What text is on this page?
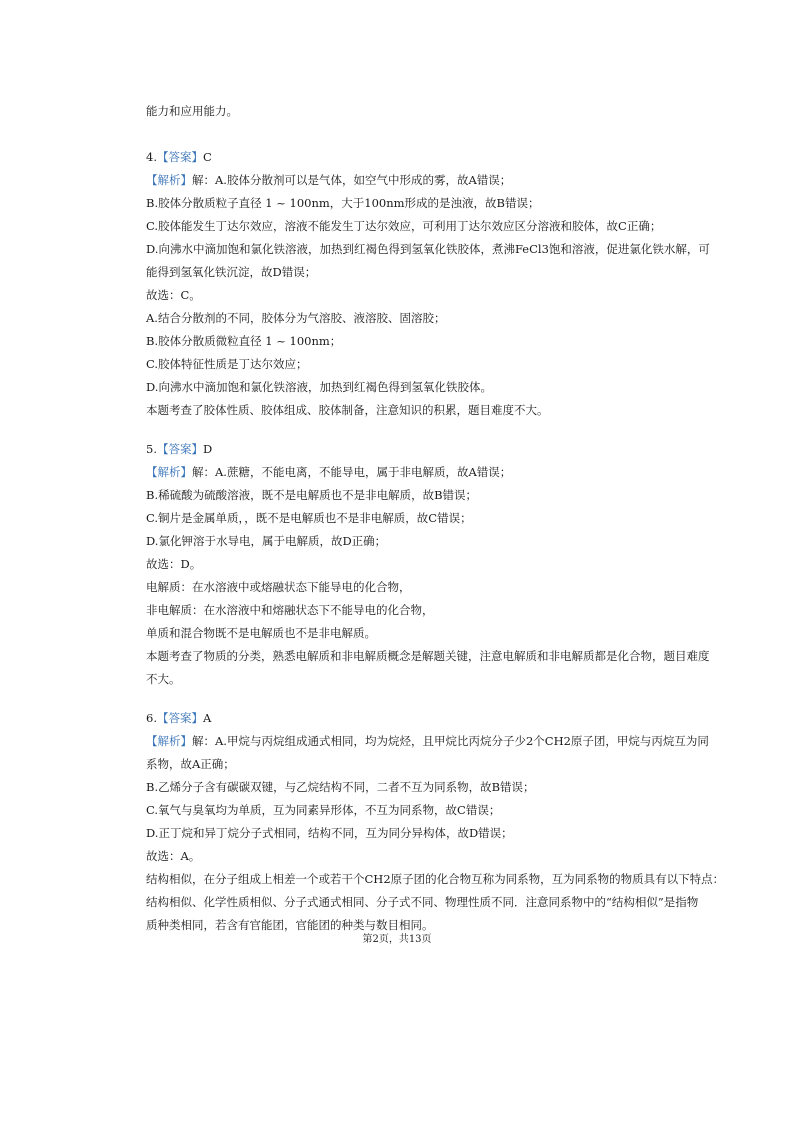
能力和应用能力。
4.【答案】C
【解析】解：A.胶体分散剂可以是气体，如空气中形成的雾，故A错误；
B.胶体分散质粒子直径 1 ~ 100nm，大于100nm形成的是浊液，故B错误；
C.胶体能发生丁达尔效应，溶液不能发生丁达尔效应，可利用丁达尔效应区分溶液和胶体，故C正确；
D.向沸水中滴加饱和氯化铁溶液，加热到红褐色得到氢氧化铁胶体，煮沸FeCl3饱和溶液，促进氯化铁水解，可
能得到氢氧化铁沉淀，故D错误；
故选：C。
A.结合分散剂的不同，胶体分为气溶胶、液溶胶、固溶胶；
B.胶体分散质微粒直径 1 ~ 100nm；
C.胶体特征性质是丁达尔效应；
D.向沸水中滴加饱和氯化铁溶液，加热到红褐色得到氢氧化铁胶体。
本题考查了胶体性质、胶体组成、胶体制备，注意知识的积累，题目难度不大。
5.【答案】D
【解析】解：A.蔗糖，不能电离，不能导电，属于非电解质，故A错误；
B.稀硫酸为硫酸溶液，既不是电解质也不是非电解质，故B错误；
C.铜片是金属单质，，既不是电解质也不是非电解质，故C错误；
D.氯化钾溶于水导电，属于电解质，故D正确；
故选：D。
电解质：在水溶液中或熔融状态下能导电的化合物，
非电解质：在水溶液中和熔融状态下不能导电的化合物，
单质和混合物既不是电解质也不是非电解质。
本题考查了物质的分类，熟悉电解质和非电解质概念是解题关键，注意电解质和非电解质都是化合物，题目难度
不大。
6.【答案】A
【解析】解：A.甲烷与丙烷组成通式相同，均为烷烃，且甲烷比丙烷分子少2个CH2原子团，甲烷与丙烷互为同
系物，故A正确；
B.乙烯分子含有碳碳双键，与乙烷结构不同，二者不互为同系物，故B错误；
C.氧气与臭氧均为单质，互为同素异形体，不互为同系物，故C错误；
D.正丁烷和异丁烷分子式相同，结构不同，互为同分异构体，故D错误；
故选：A。
结构相似，在分子组成上相差一个或若干个CH2原子团的化合物互称为同系物，互为同系物的物质具有以下特点：
结构相似、化学性质相似、分子式通式相同、分子式不同、物理性质不同．注意同系物中的“结构相似”是指物
质种类相同，若含有官能团，官能团的种类与数目相同。
第2页，共13页
